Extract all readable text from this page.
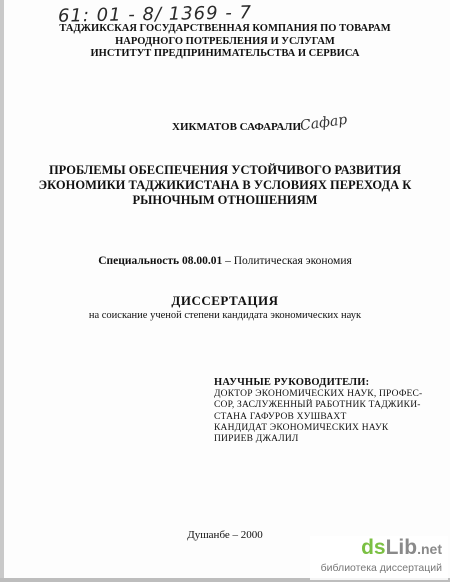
61: 01 - 8/ 1369 - 7
ТАДЖИКСКАЯ ГОСУДАРСТВЕННАЯ КОМПАНИЯ ПО ТОВАРАМ
НАРОДНОГО ПОТРЕБЛЕНИЯ И УСЛУГАМ
ИНСТИТУТ ПРЕДПРИНИМАТЕЛЬСТВА И СЕРВИСА
ХИКМАТОВ САФАРАЛИ
Сафар
ПРОБЛЕМЫ ОБЕСПЕЧЕНИЯ УСТОЙЧИВОГО РАЗВИТИЯ
ЭКОНОМИКИ ТАДЖИКИСТАНА В УСЛОВИЯХ ПЕРЕХОДА К
РЫНОЧНЫМ ОТНОШЕНИЯМ
Специальность 08.00.01 – Политическая экономия
ДИССЕРТАЦИЯ
на соискание ученой степени кандидата экономических наук
НАУЧНЫЕ РУКОВОДИТЕЛИ:
ДОКТОР ЭКОНОМИЧЕСКИХ НАУК, ПРОФЕС-
СОР, ЗАСЛУЖЕННЫЙ РАБОТНИК ТАДЖИКИ-
СТАНА ГАФУРОВ ХУШВАХТ
КАНДИДАТ ЭКОНОМИЧЕСКИХ НАУК
ПИРИЕВ ДЖАЛИЛ
Душанбе – 2000
dsLib.net
библиотека диссертаций
